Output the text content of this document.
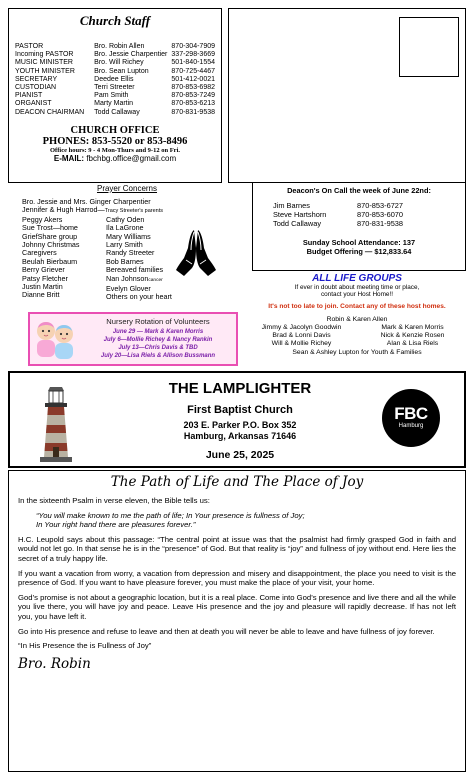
Church Staff
PASTOR	Bro. Robin Allen	870-304-7909
Incoming PASTOR	Bro. Jessie Charpentier 337-298-3669
MUSIC MINISTER	Bro. Will Richey	501-840-1554
YOUTH MINISTER	Bro. Sean Lupton	870-725-4467
SECRETARY	Deedee Ellis	501-412-0021
CUSTODIAN	Terri Streeter	870-853-6982
PIANIST	Pam Smith	870-853-7249
ORGANIST	Marty Martin	870-853-6213
DEACON CHAIRMAN	Todd Callaway	870-831-9538
CHURCH OFFICE
PHONES: 853-5520 or 853-8496
Office hours: 9 - 4 Mon-Thurs and 9-12 on Fri.
E-MAIL: fbchbg.office@gmail.com
Prayer Concerns
Bro. Jessie and Mrs. Ginger Charpentier
Jennifer & Hugh Harrod—Tracy Streeter's parents
Peggy Akers
Sue Trost—home
GriefShare group
Johnny Christmas
Caregivers
Beulah Bierbaum
Berry Griever
Patsy Fletcher
Justin Martin
Dianne Britt
Cathy Oden
Ila LaGrone
Mary Williams
Larry Smith
Randy Streeter
Bob Barnes
Bereaved families
Nan Johnsoncancer
Evelyn Glover
Others on your heart
Deacon's On Call the week of June 22nd:
Jim Barnes	870-853-6727
Steve Hartshorn	870-853-6070
Todd Callaway	870-831-9538
Sunday School Attendance: 137
Budget Offering — $12,833.64
ALL LIFE GROUPS
If ever in doubt about meeting time or place,
contact your Host Home!!
It's not too late to join. Contact any of these host homes.
Robin & Karen Allen
Jimmy & Jacolyn Goodwin	Mark & Karen Morris
Brad & Lonni Davis	Nick & Kenzie Rosen
Will & Mollie Richey	Alan & Lisa Riels
Sean & Ashley Lupton for Youth & Families
Nursery Rotation of Volunteers
June 29 — Mark & Karen Morris
July 6—Mollie Richey & Nancy Rankin
July 13—Chris Davis & TBD
July 20—Lisa Riels & Allison Bussmann
THE LAMPLIGHTER
First Baptist Church
203 E. Parker P.O. Box 352
Hamburg, Arkansas 71646
June 25, 2025
FBC
Hamburg
The Path of Life and The Place of Joy
In the sixteenth Psalm in verse eleven, the Bible tells us:
“You will make known to me the path of life; In Your presence is fullness of Joy;
In Your right hand there are pleasures forever.”
H.C. Leupold says about this passage: “The central point at issue was that the psalmist had firmly grasped God in faith and would not let go. In that sense he is in the “presence” of God. But that reality is “joy” and fullness of joy without end. Here lies the secret of a truly happy life.
If you want a vacation from worry, a vacation from depression and misery and disappointment, the place you need to visit is the presence of God. If you want to have pleasure forever, you must make the place of your visit, your home.
God’s promise is not about a geographic location, but it is a real place. Come into God’s presence and live there and all the while you live there, you will have joy and peace. Leave His presence and the joy and pleasure will rapidly decrease. If has not left you, you have left it.
Go into His presence and refuse to leave and then at death you will never be able to leave and have fullness of joy forever.
“In His Presence the is Fullness of Joy”
Bro. Robin
